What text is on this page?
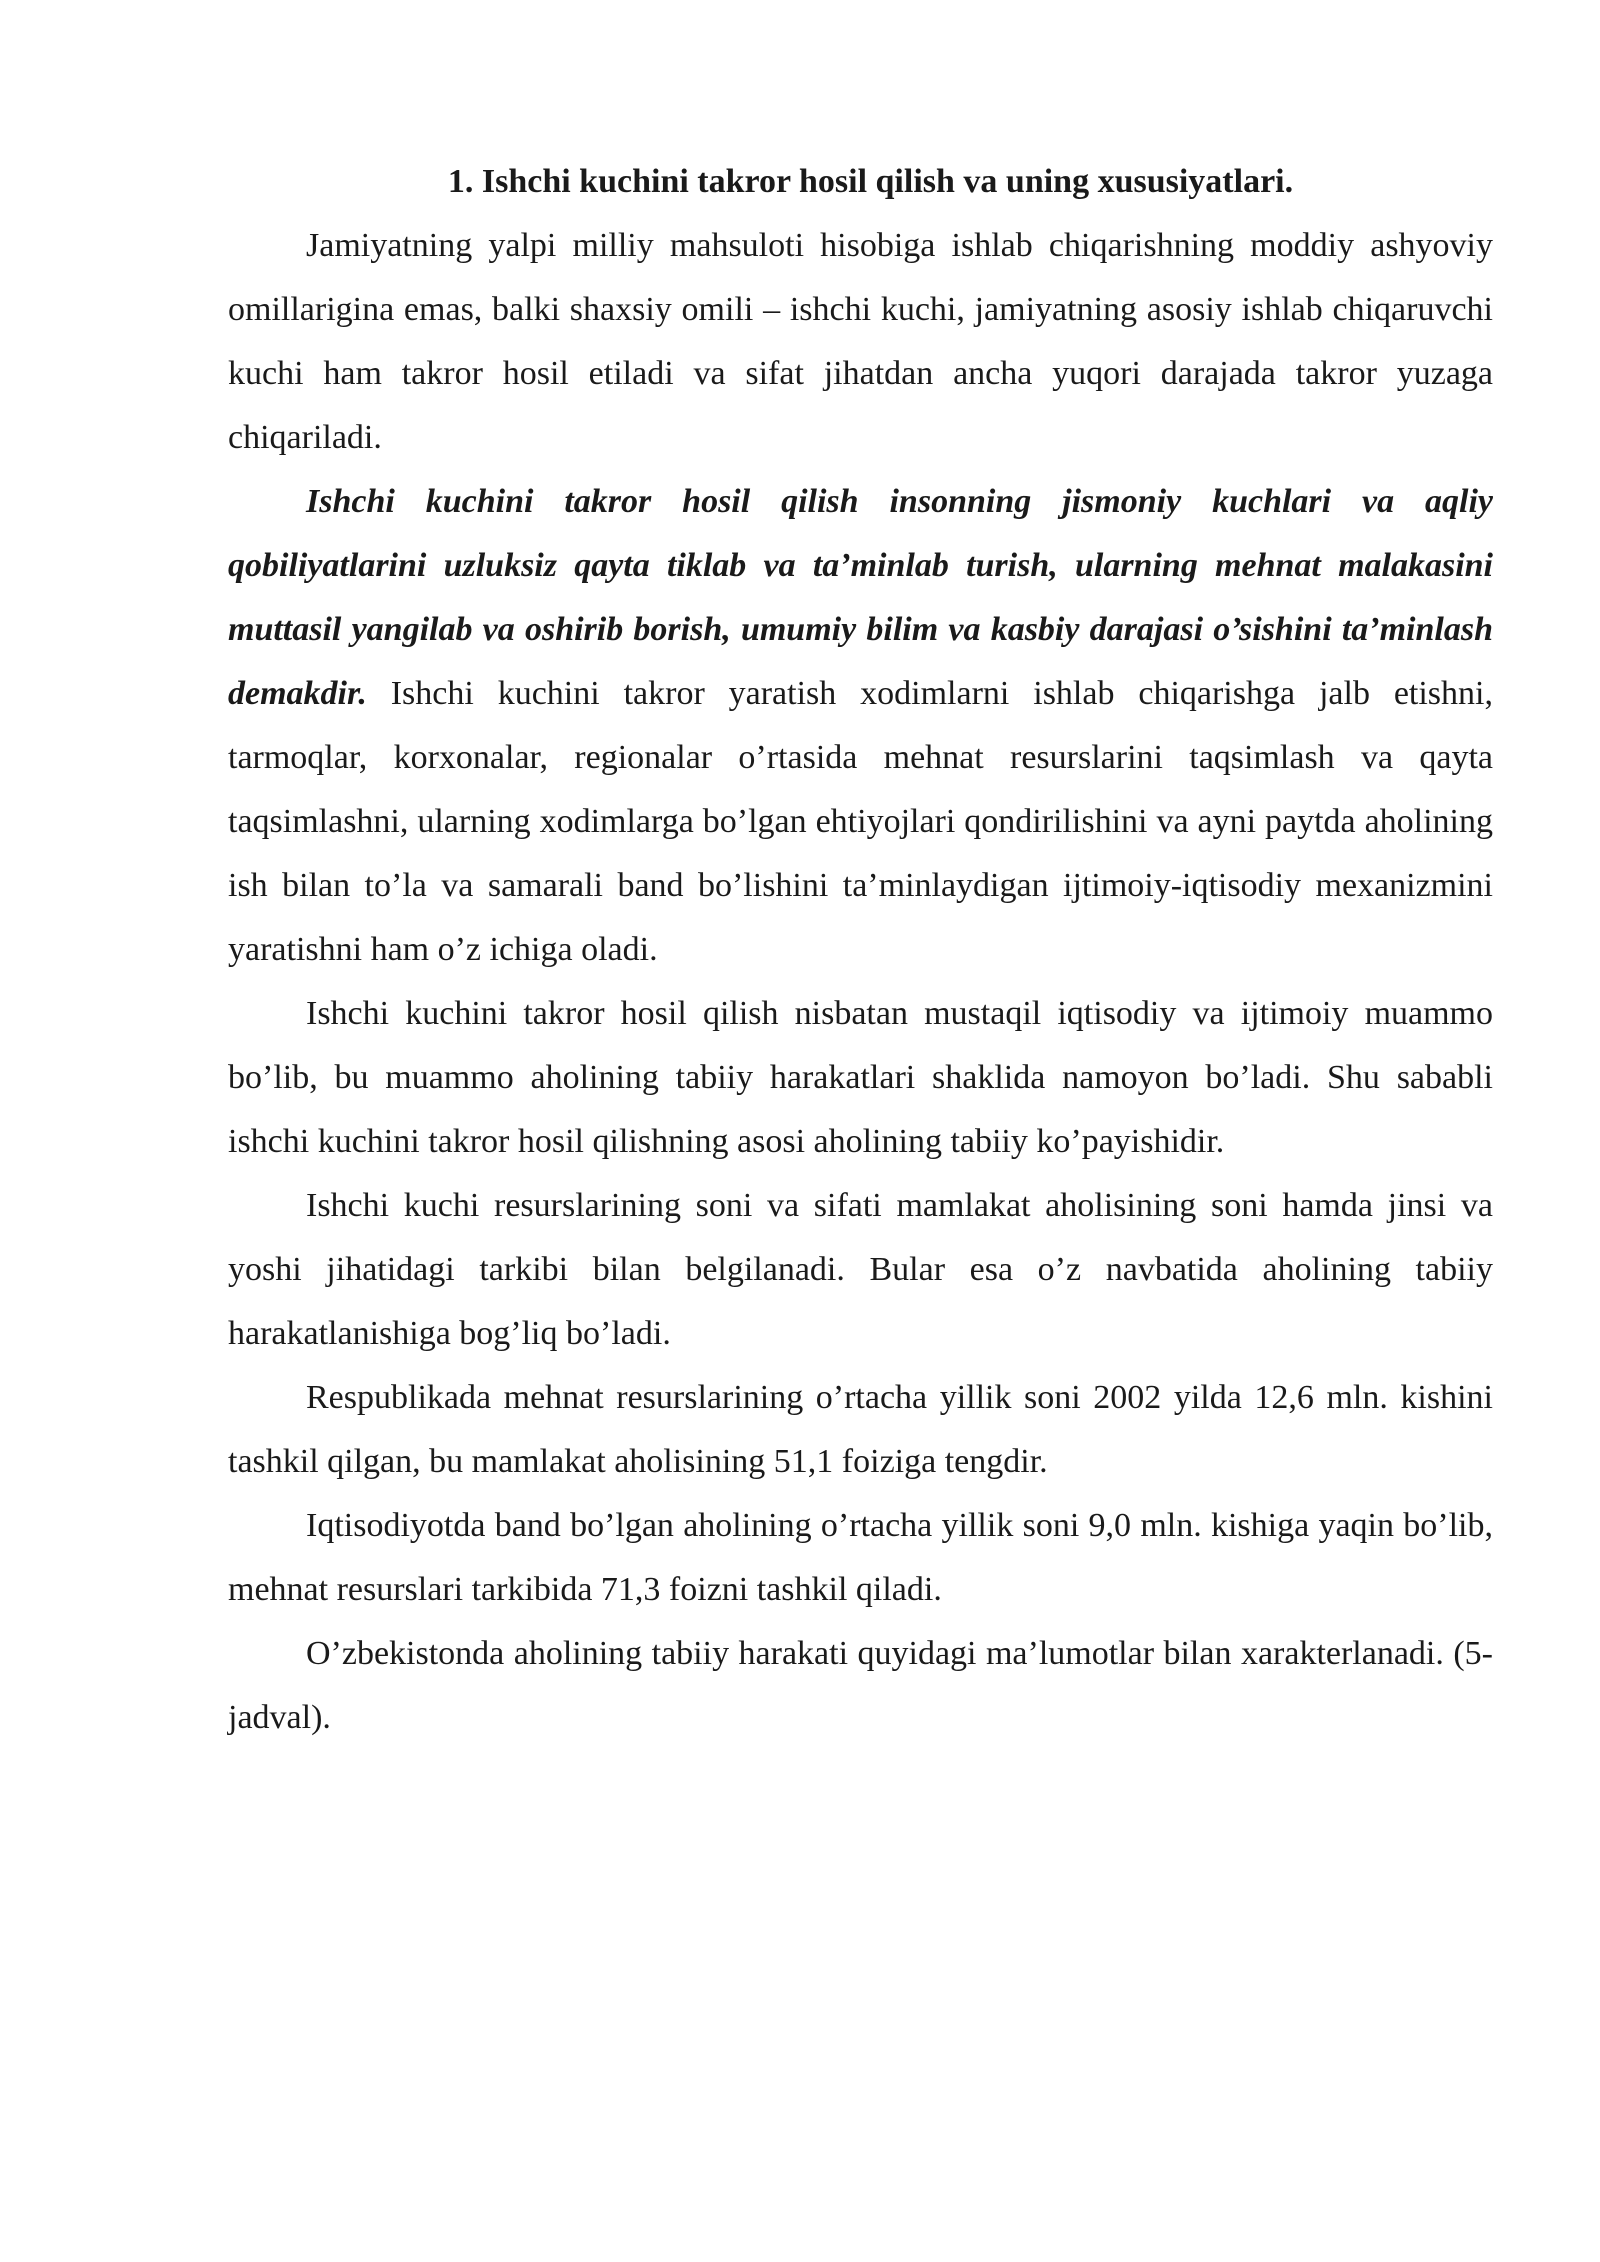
1. Ishchi kuchini takror hosil qilish va uning xususiyatlari.

Jamiyatning yalpi milliy mahsuloti hisobiga ishlab chiqarishning moddiy ashyoviy omillarigina emas, balki shaxsiy omili – ishchi kuchi, jamiyatning asosiy ishlab chiqaruvchi kuchi ham takror hosil etiladi va sifat jihatdan ancha yuqori darajada takror yuzaga chiqariladi.

Ishchi kuchini takror hosil qilish insonning jismoniy kuchlari va aqliy qobiliyatlarini uzluksiz qayta tiklab va ta’minlab turish, ularning mehnat malakasini muttasil yangilab va oshirib borish, umumiy bilim va kasbiy darajasi o’sishini ta’minlash demakdir. Ishchi kuchini takror yaratish xodimlarni ishlab chiqarishga jalb etishni, tarmoqlar, korxonalar, regionalar o’rtasida mehnat resurslarini taqsimlash va qayta taqsimlashni, ularning xodimlarga bo’lgan ehtiyojlari qondirilishini va ayni paytda aholining ish bilan to’la va samarali band bo’lishini ta’minlaydigan ijtimoiy-iqtisodiy mexanizmini yaratishni ham o’z ichiga oladi.

Ishchi kuchini takror hosil qilish nisbatan mustaqil iqtisodiy va ijtimoiy muammo bo’lib, bu muammo aholining tabiiy harakatlari shaklida namoyon bo’ladi. Shu sababli ishchi kuchini takror hosil qilishning asosi aholining tabiiy ko’payishidir.

Ishchi kuchi resurslarining soni va sifati mamlakat aholisining soni hamda jinsi va yoshi jihatidagi tarkibi bilan belgilanadi. Bular esa o’z navbatida aholining tabiiy harakatlanishiga bog’liq bo’ladi.

Respublikada mehnat resurslarining o’rtacha yillik soni 2002 yilda 12,6 mln. kishini tashkil qilgan, bu mamlakat aholisining 51,1 foiziga tengdir.

Iqtisodiyotda band bo’lgan aholining o’rtacha yillik soni 9,0 mln. kishiga yaqin bo’lib, mehnat resurslari tarkibida 71,3 foizni tashkil qiladi.

O’zbekistonda aholining tabiiy harakati quyidagi ma’lumotlar bilan xarakterlanadi. (5-jadval).
